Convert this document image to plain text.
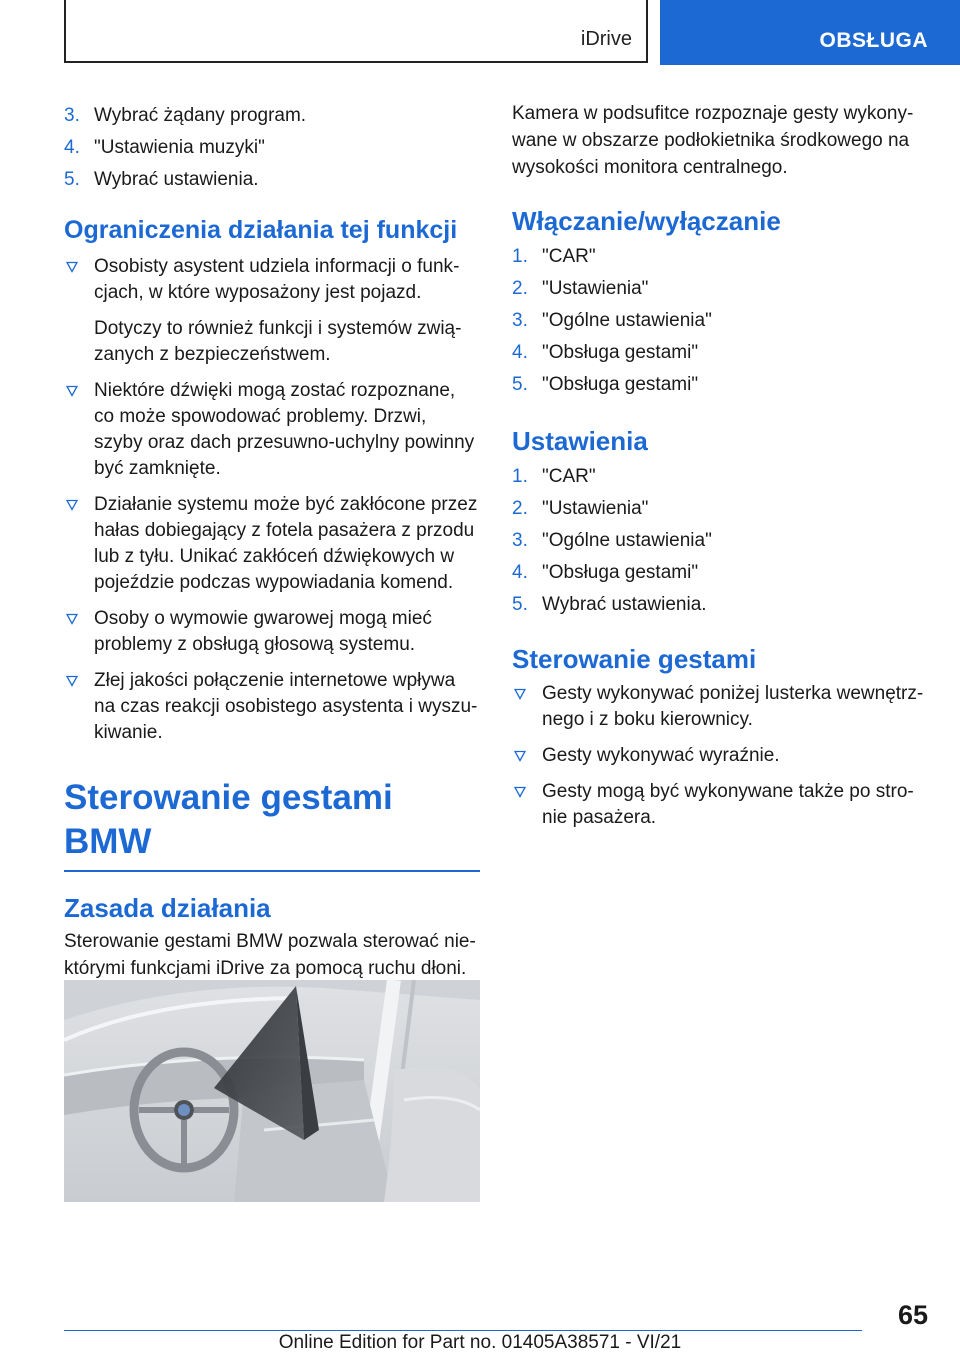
iDrive	OBSŁUGA
3. Wybrać żądany program.
4. "Ustawienia muzyki"
5. Wybrać ustawienia.
Ograniczenia działania tej funkcji

Osobisty asystent udziela informacji o funkcjach, w które wyposażony jest pojazd.

Dotyczy to również funkcji i systemów związanych z bezpieczeństwem.

Niektóre dźwięki mogą zostać rozpoznane, co może spowodować problemy. Drzwi, szyby oraz dach przesuwno-uchylny powinny być zamknięte.

Działanie systemu może być zakłócone przez hałas dobiegający z fotela pasażera z przodu lub z tyłu. Unikać zakłóceń dźwiękowych w pojeździe podczas wypowiadania komend.

Osoby o wymowie gwarowej mogą mieć problemy z obsługą głosową systemu.

Złej jakości połączenie internetowe wpływa na czas reakcji osobistego asystenta i wyszukiwanie.

Sterowanie gestami BMW
Zasada działania

Sterowanie gestami BMW pozwala sterować niektórymi funkcjami iDrive za pomocą ruchu dłoni.

Kamera w podsufitce rozpoznaje gesty wykonywane w obszarze podłokietnika środkowego na wysokości monitora centralnego.

Włączanie/wyłączanie
1. "CAR"
2. "Ustawienia"
3. "Ogólne ustawienia"
4. "Obsługa gestami"
5. "Obsługa gestami"
Ustawienia
1. "CAR"
2. "Ustawienia"
3. "Ogólne ustawienia"
4. "Obsługa gestami"
5. Wybrać ustawienia.
Sterowanie gestami

Gesty wykonywać poniżej lusterka wewnętrznego i z boku kierownicy.

Gesty wykonywać wyraźnie.

Gesty mogą być wykonywane także po stronie pasażera.

65
Online Edition for Part no. 01405A38571 - VI/21
